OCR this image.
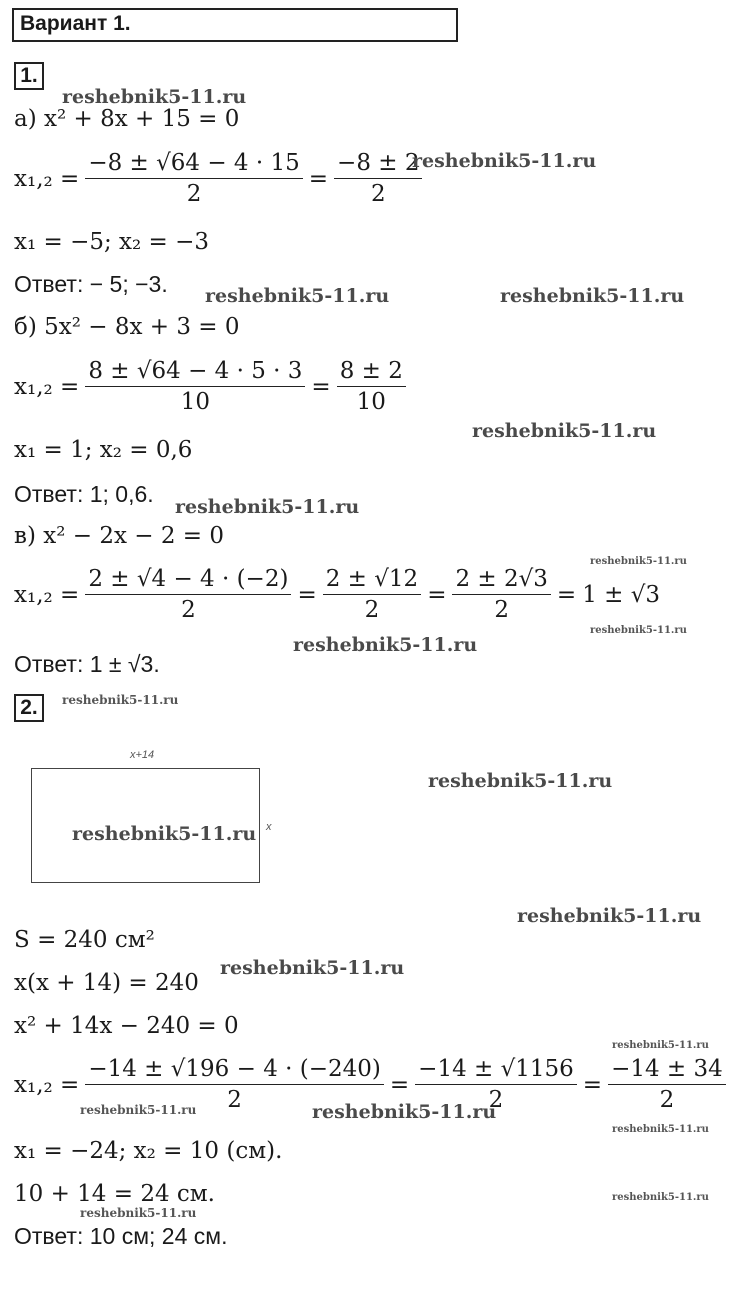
Вариант 1.
1.
reshebnik5-11.ru
а) x² + 8x + 15 = 0
$x_1,_2 = \frac{-8 \pm √64 - 4 \cdot 15}{2} = \frac{-8 \pm 2}{2}$
reshebnik5-11.ru
x₁ = −5; x₂ = −3
Ответ: − 5; −3. reshebnik5-11.ru	reshebnik5-11.ru
б) 5x² − 8x + 3 = 0
$x_1,_2 = \frac{8 \pm √64 - 4 \cdot 5 \cdot 3}{10} = \frac{8 \pm 2}{10}$
reshebnik5-11.ru
x₁ = 1; x₂ = 0,6
Ответ: 1; 0,6. reshebnik5-11.ru
в) x² − 2x − 2 = 0
reshebnik5-11.ru
$x_1,_2 = \frac{2 \pm √4 - 4 \cdot (-2)}{2} = \frac{2 \pm √12}{2} = \frac{2 \pm 2√3}{2} = 1 \pm √3$
reshebnik5-11.ru
reshebnik5-11.ru
Ответ: 1 ± √3.
2.	reshebnik5-11.ru
x+14
reshebnik5-11.ru x
reshebnik5-11.ru
reshebnik5-11.ru
S = 240 см²
x(x + 14) = 240
reshebnik5-11.ru
x² + 14x − 240 = 0
reshebnik5-11.ru
$x_1,_2 = \frac{-14 \pm √196 - 4 \cdot (-240)}{2} = \frac{-14 \pm √1156}{2} = \frac{-14 \pm 34}{2}$
reshebnik5-11.ru	reshebnik5-11.ru
reshebnik5-11.ru
x₁ = −24; x₂ = 10 (см).
10 + 14 = 24 см.	reshebnik5-11.ru
reshebnik5-11.ru
Ответ: 10 см; 24 см.
